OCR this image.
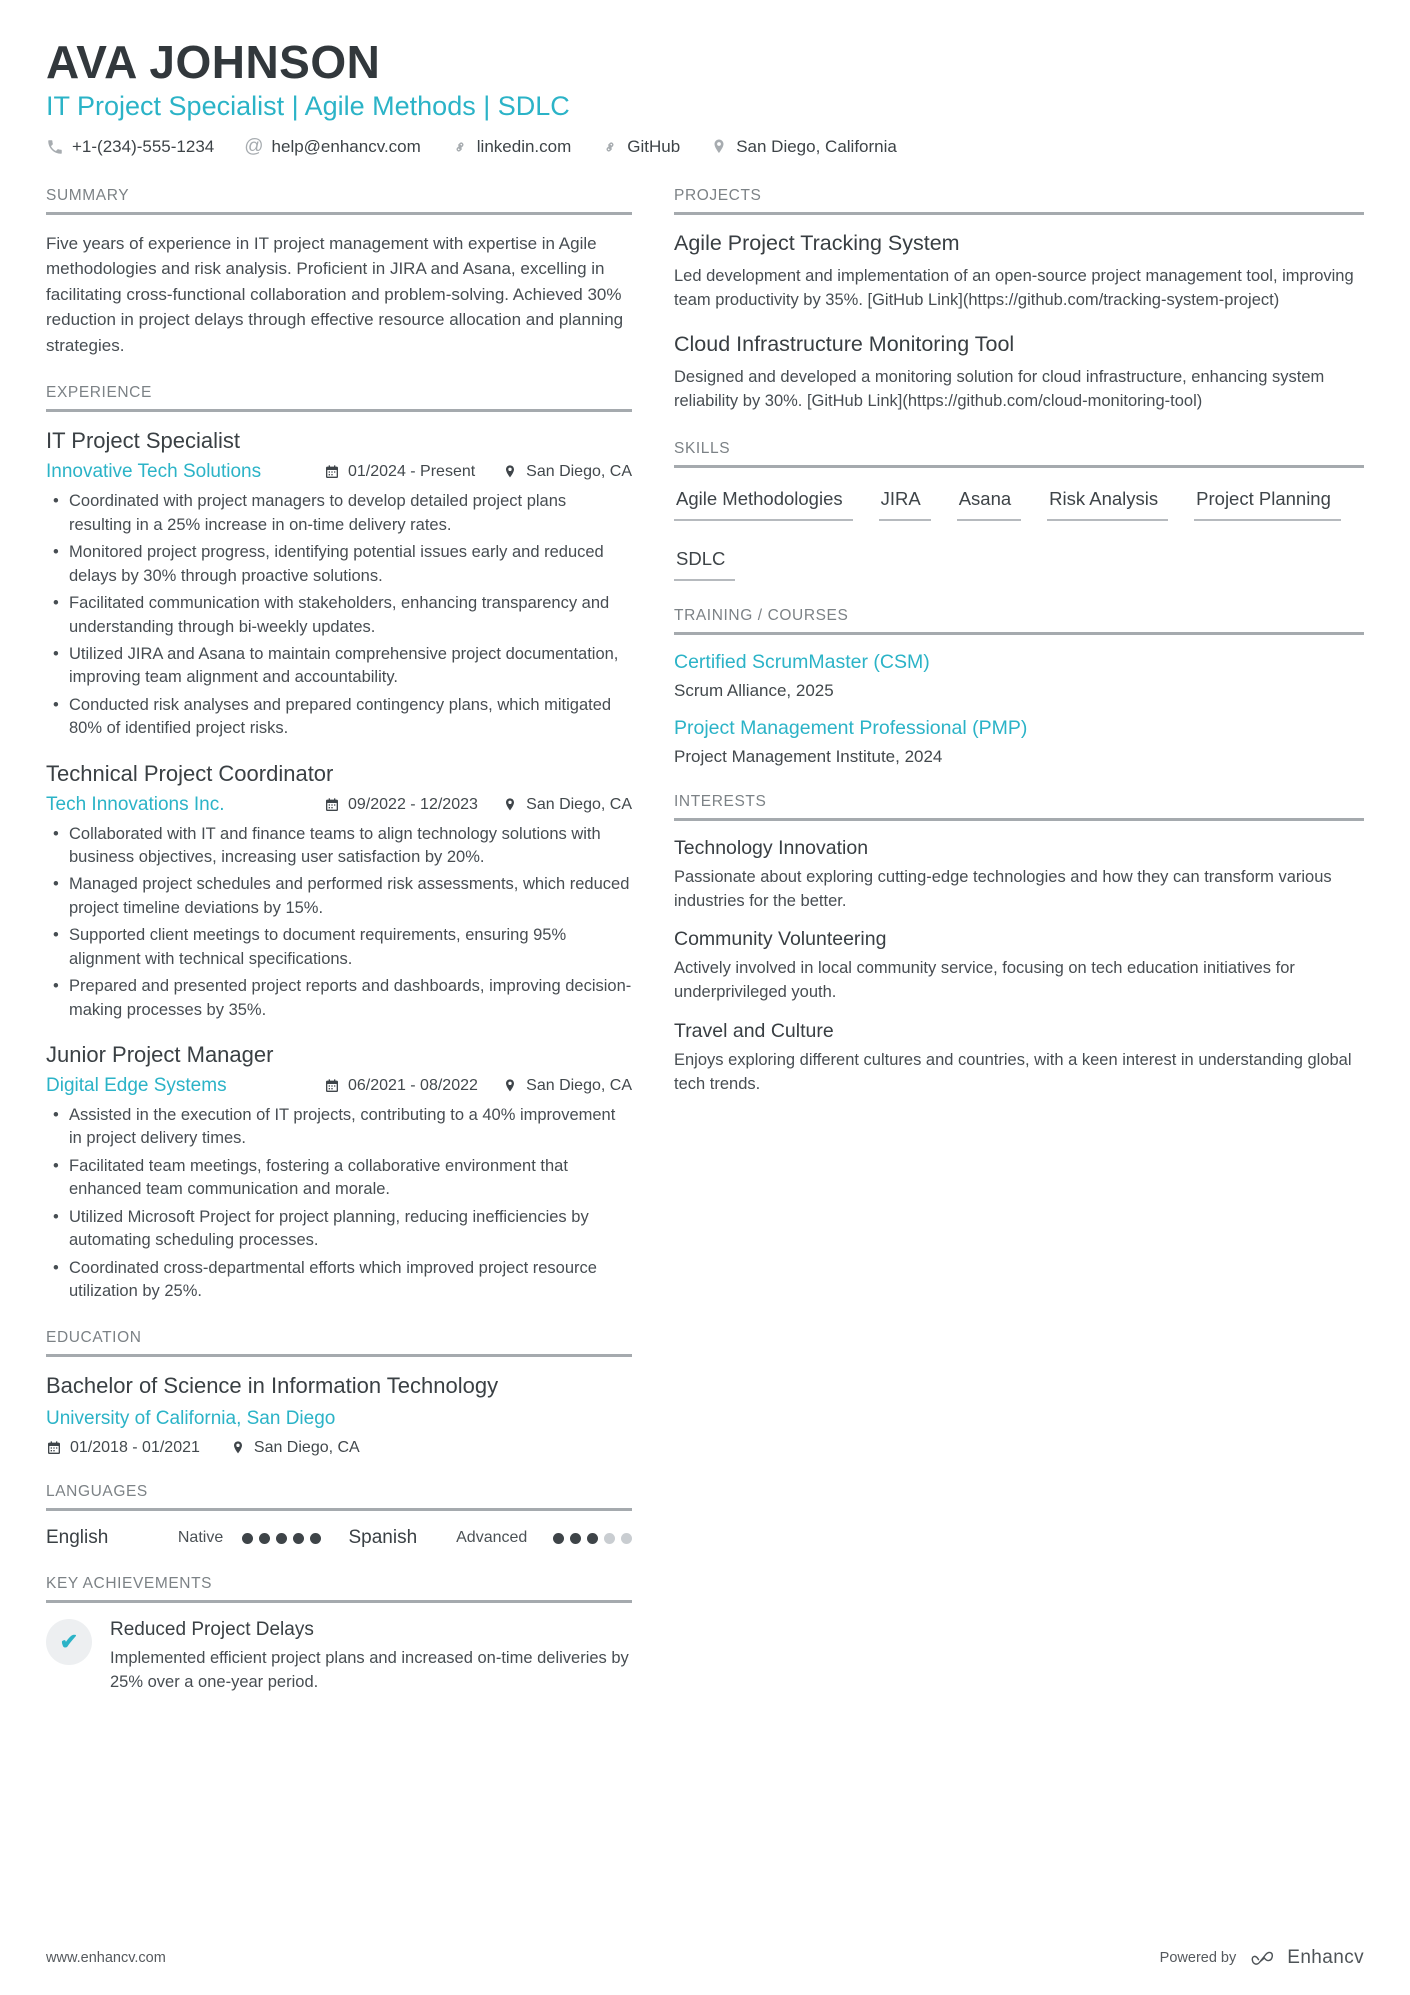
AVA JOHNSON
IT Project Specialist | Agile Methods | SDLC
+1-(234)-555-1234 @ help@enhancv.com	linkedin.com	GitHub	San Diego, California
SUMMARY
Five years of experience in IT project management with expertise in Agile methodologies and risk analysis. Proficient in JIRA and Asana, excelling in facilitating cross-functional collaboration and problem-solving. Achieved 30% reduction in project delays through effective resource allocation and planning strategies.
EXPERIENCE
IT Project Specialist
Innovative Tech Solutions	01/2024 - Present	San Diego, CA
• Coordinated with project managers to develop detailed project plans resulting in a 25% increase in on-time delivery rates.
• Monitored project progress, identifying potential issues early and reduced delays by 30% through proactive solutions.
• Facilitated communication with stakeholders, enhancing transparency and understanding through bi-weekly updates.
• Utilized JIRA and Asana to maintain comprehensive project documentation, improving team alignment and accountability.
• Conducted risk analyses and prepared contingency plans, which mitigated 80% of identified project risks.
Technical Project Coordinator
Tech Innovations Inc.	09/2022 - 12/2023	San Diego, CA
• Collaborated with IT and finance teams to align technology solutions with business objectives, increasing user satisfaction by 20%.
• Managed project schedules and performed risk assessments, which reduced project timeline deviations by 15%.
• Supported client meetings to document requirements, ensuring 95% alignment with technical specifications.
• Prepared and presented project reports and dashboards, improving decision-making processes by 35%.
Junior Project Manager
Digital Edge Systems	06/2021 - 08/2022	San Diego, CA
• Assisted in the execution of IT projects, contributing to a 40% improvement in project delivery times.
• Facilitated team meetings, fostering a collaborative environment that enhanced team communication and morale.
• Utilized Microsoft Project for project planning, reducing inefficiencies by automating scheduling processes.
• Coordinated cross-departmental efforts which improved project resource utilization by 25%.
EDUCATION
Bachelor of Science in Information Technology
University of California, San Diego
01/2018 - 01/2021	San Diego, CA
LANGUAGES
English	Native	Spanish	Advanced
KEY ACHIEVEMENTS
✔ Reduced Project Delays
Implemented efficient project plans and increased on-time deliveries by 25% over a one-year period.
PROJECTS
Agile Project Tracking System
Led development and implementation of an open-source project management tool, improving team productivity by 35%. [GitHub Link](https://github.com/tracking-system-project)
Cloud Infrastructure Monitoring Tool
Designed and developed a monitoring solution for cloud infrastructure, enhancing system reliability by 30%. [GitHub Link](https://github.com/cloud-monitoring-tool)
SKILLS
Agile Methodologies	JIRA	Asana	Risk Analysis	Project Planning
SDLC
TRAINING / COURSES
Certified ScrumMaster (CSM)
Scrum Alliance, 2025
Project Management Professional (PMP)
Project Management Institute, 2024
INTERESTS
Technology Innovation
Passionate about exploring cutting-edge technologies and how they can transform various industries for the better.
Community Volunteering
Actively involved in local community service, focusing on tech education initiatives for underprivileged youth.
Travel and Culture
Enjoys exploring different cultures and countries, with a keen interest in understanding global tech trends.
www.enhancv.com	Powered by	Enhancv
